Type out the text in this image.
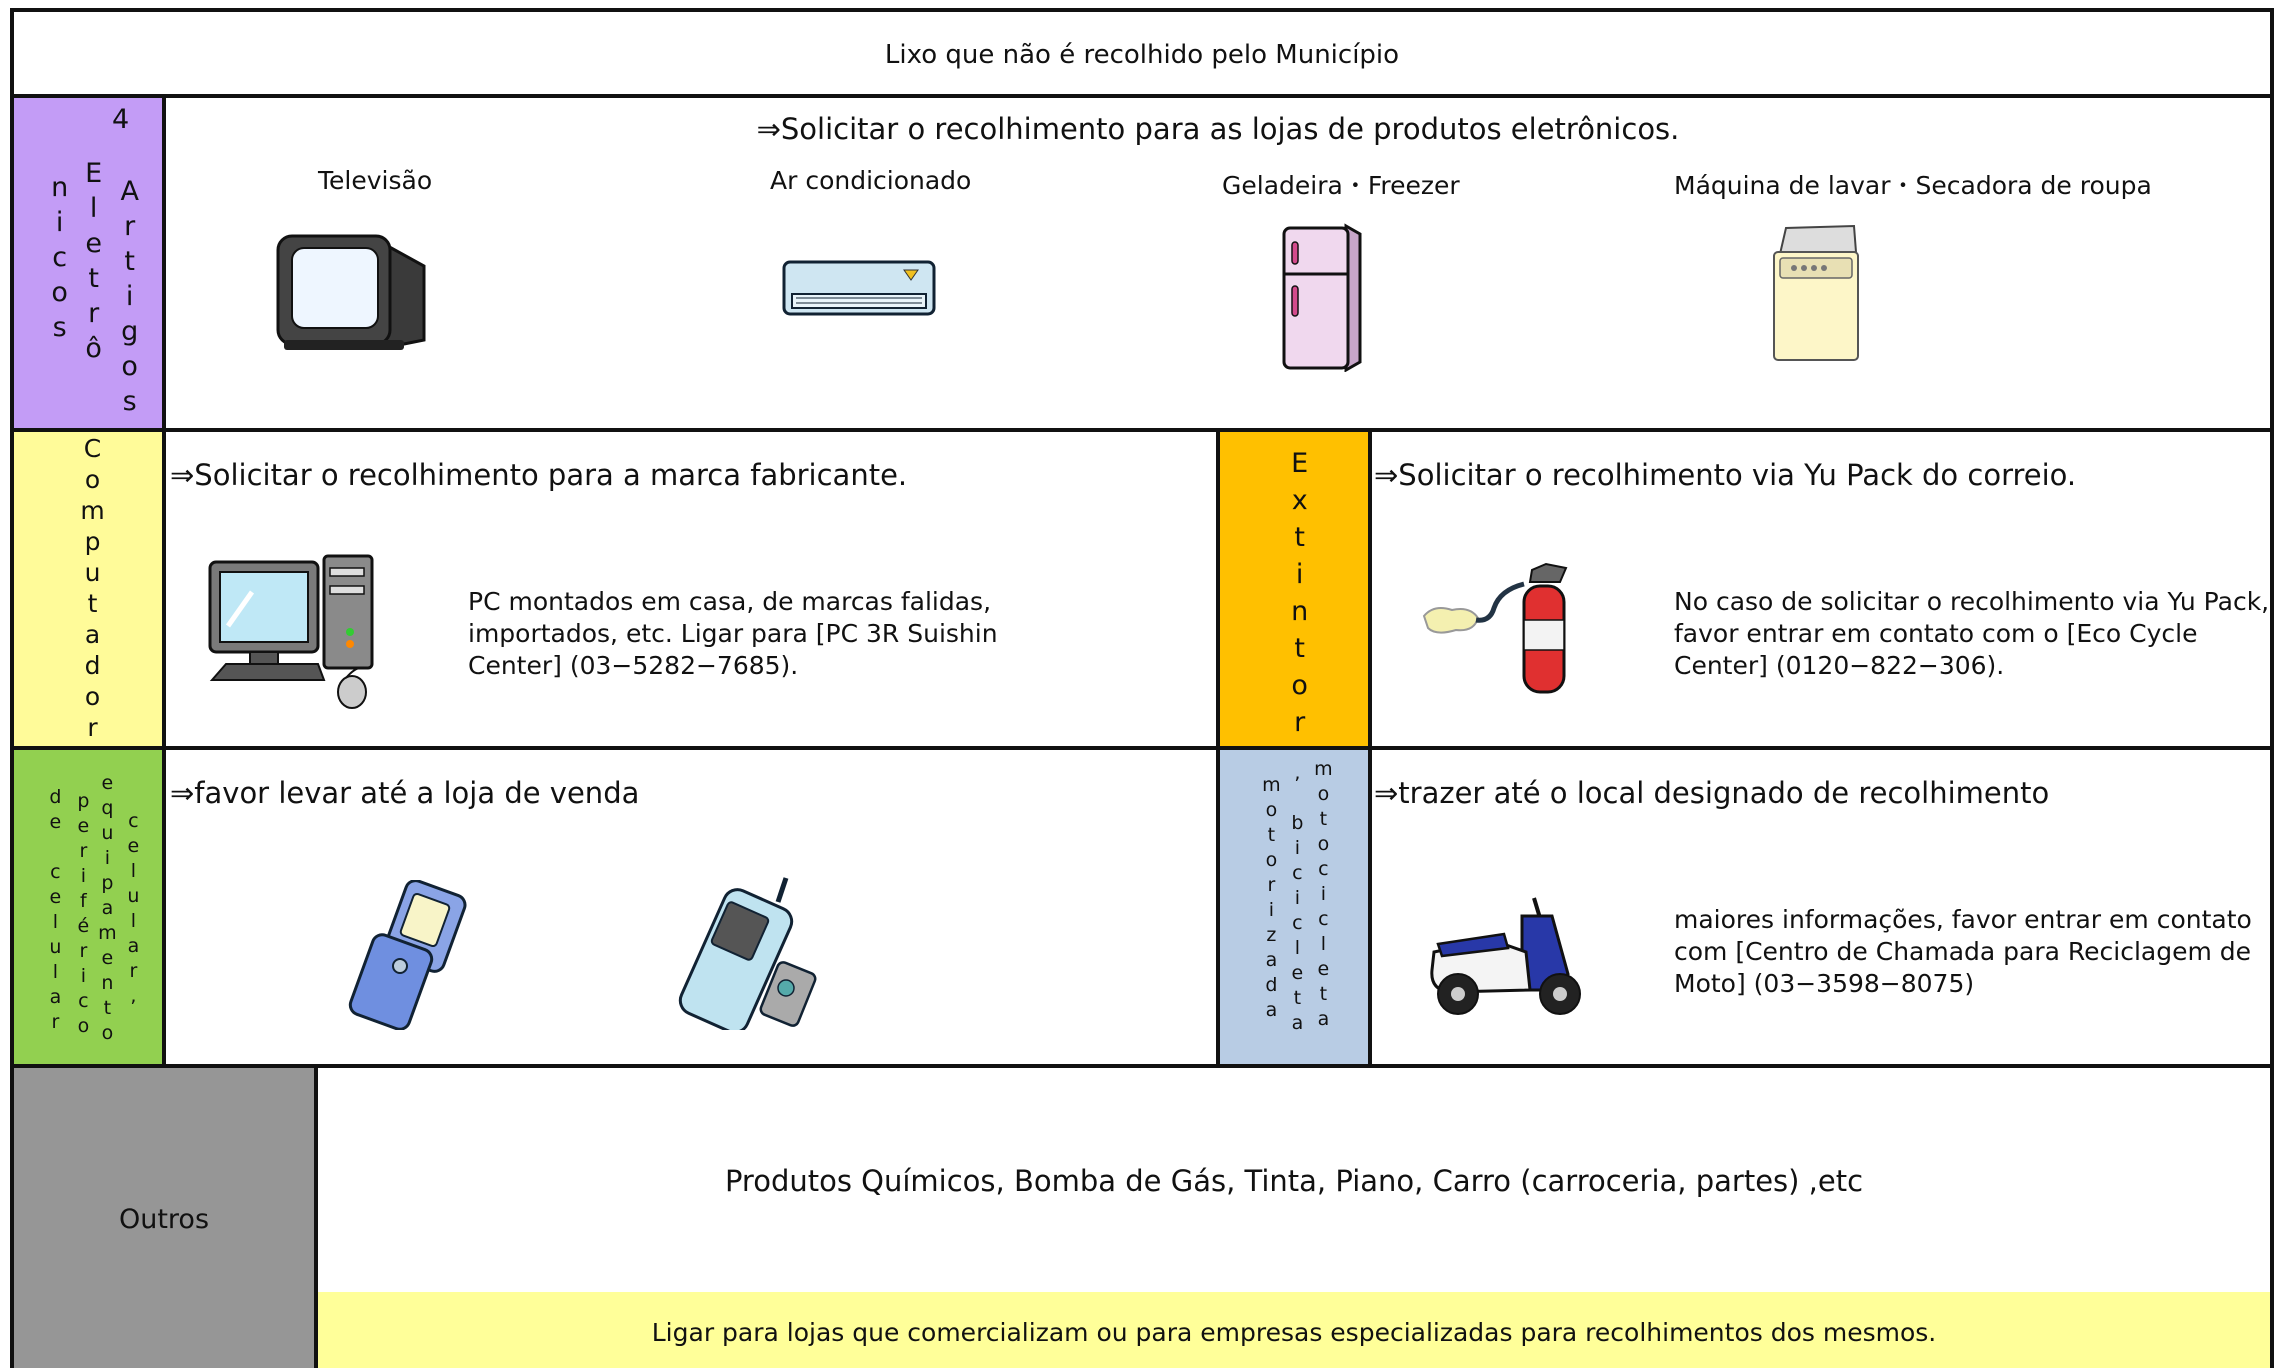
Lixo que não é recolhido pelo Município
4
nicos Eletrô Artigos
⇒Solicitar o recolhimento para as lojas de produtos eletrônicos.
Televisão	Ar condicionado	Geladeira・Freezer	Máquina de lavar・Secadora de roupa
Computador ⇒Solicitar o recolhimento para a marca fabricante.
PC montados em casa, de marcas falidas,
importados, etc. Ligar para [PC 3R Suishin
Center] (03−5282−7685).	Extintor ⇒Solicitar o recolhimento via Yu Pack do correio.
No caso de solicitar o recolhimento via Yu Pack,
favor entrar em contato com o [Eco Cycle
Center] (0120−822−306).
de celular periférico equipamento celular,
⇒favor levar até a loja de venda	motorizada , bicicleta motocicleta ⇒trazer até o local designado de recolhimento
maiores informações, favor entrar em contato
com [Centro de Chamada para Reciclagem de
Moto] (03−3598−8075)
Outros
Produtos Químicos, Bomba de Gás, Tinta, Piano, Carro (carroceria, partes) ,etc
Ligar para lojas que comercializam ou para empresas especializadas para recolhimentos dos mesmos.
